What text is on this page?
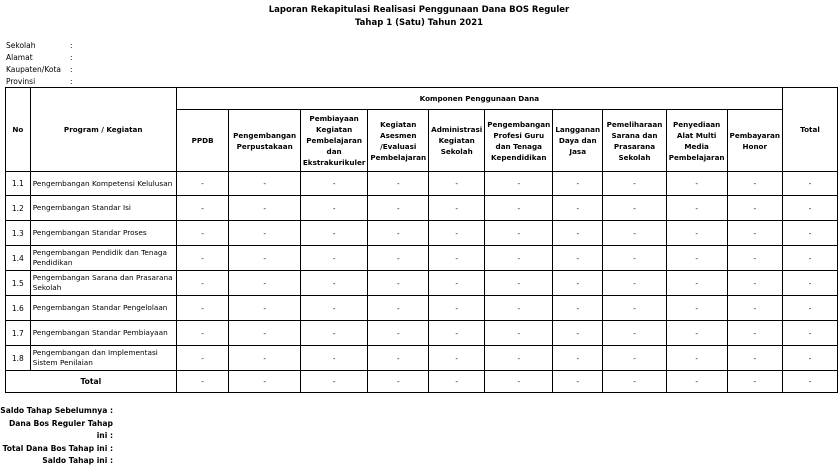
Laporan Rekapitulasi Realisasi Penggunaan Dana BOS Reguler
Tahap 1 (Satu) Tahun 2021
Sekolah	:
Alamat	:
Kaupaten/Kota :
Provinsi	:
No	Program / Kegiatan	Komponen Penggunaan Dana										Total
		PPDB	Pengembangan Perpustakaan	Pembiayaan Kegiatan Pembelajaran dan Ekstrakurikuler	Kegiatan Asesmen /Evaluasi Pembelajaran	Administrasi Kegiatan Sekolah	Pengembangan Profesi Guru dan Tenaga Kependidikan	Langganan Daya dan Jasa	Pemeliharaan Sarana dan Prasarana Sekolah	Penyediaan Alat Multi Media Pembelajaran	Pembayaran Honor	
1.1	Pengembangan Kompetensi Kelulusan	-	-	-	-	-	-	-	-	-	-	-
1.2	Pengembangan Standar Isi	-	-	-	-	-	-	-	-	-	-	-
1.3	Pengembangan Standar Proses	-	-	-	-	-	-	-	-	-	-	-
1.4	Pengembangan Pendidik dan Tenaga Pendidikan	-	-	-	-	-	-	-	-	-	-	-
1.5	Pengembangan Sarana dan Prasarana Sekolah	-	-	-	-	-	-	-	-	-	-	-
1.6	Pengembangan Standar Pengelolaan	-	-	-	-	-	-	-	-	-	-	-
1.7	Pengembangan Standar Pembiayaan	-	-	-	-	-	-	-	-	-	-	-
1.8	Pengembangan dan Implementasi Sistem Penilaian	-	-	-	-	-	-	-	-	-	-	-
Total		-	-	-	-	-	-	-	-	-	-	-
Saldo Tahap Sebelumnya :
Dana Bos Reguler Tahap ini :
Total Dana Bos Tahap ini :
Saldo Tahap ini :
